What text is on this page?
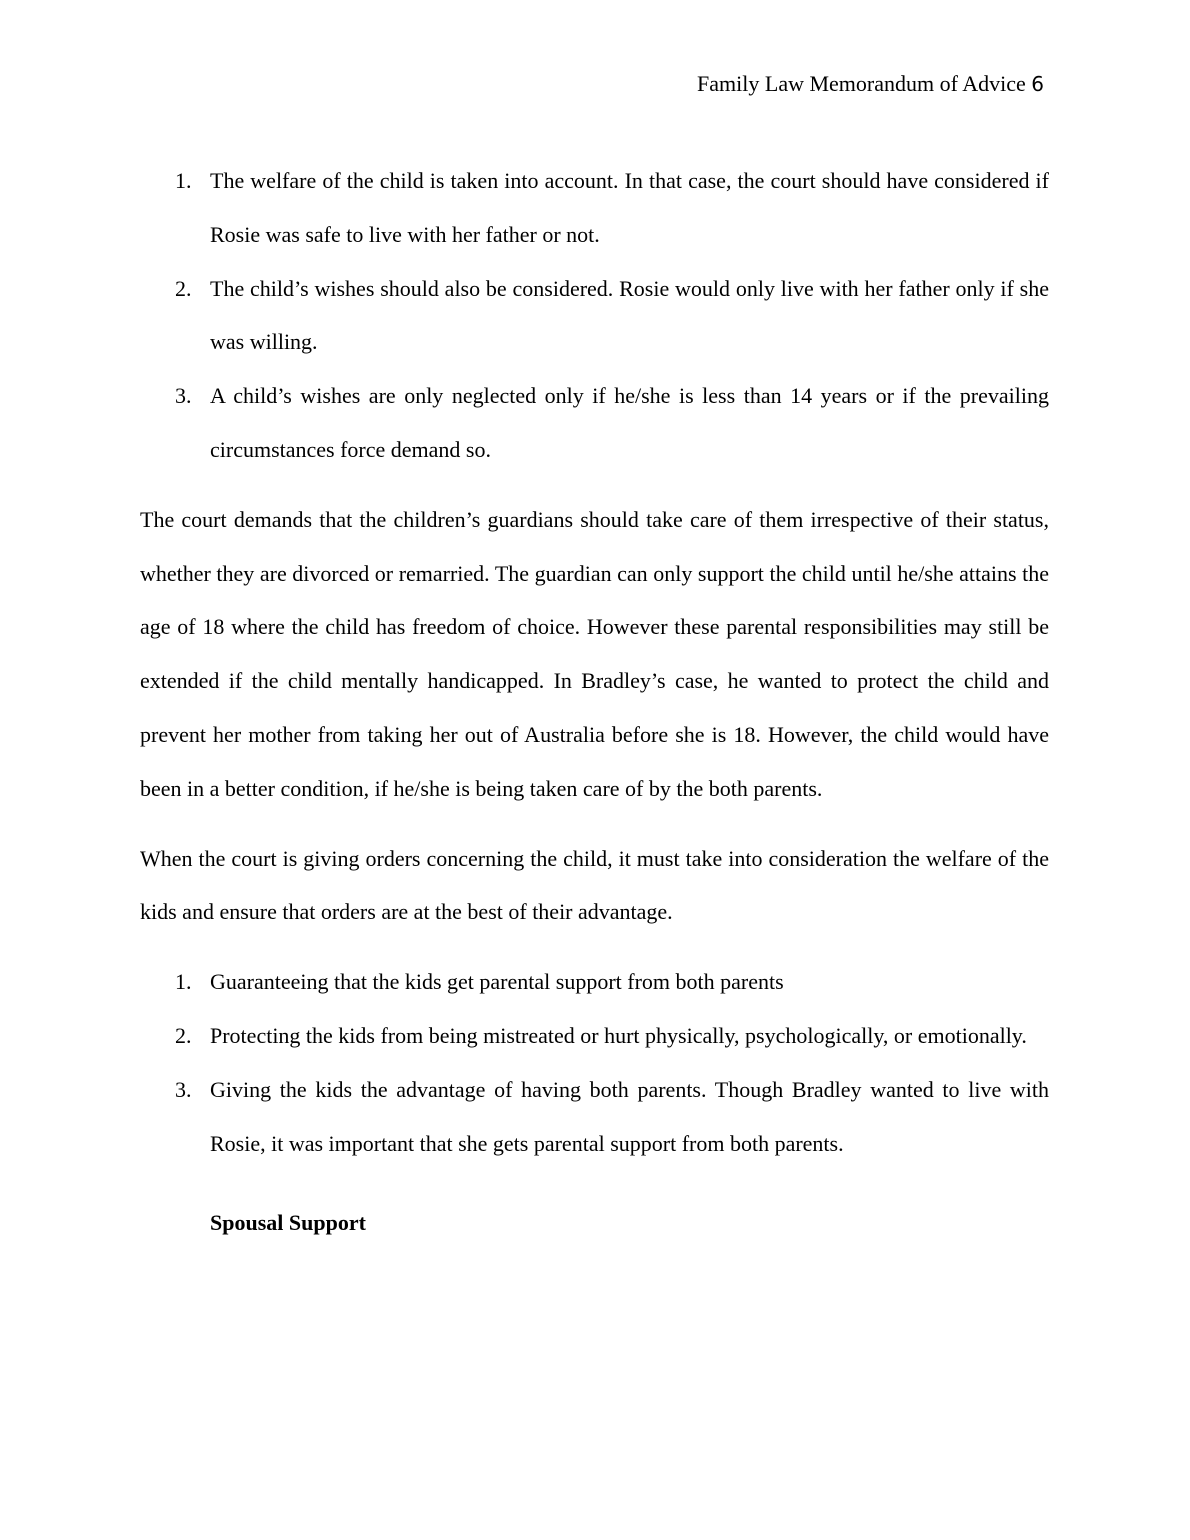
Family Law Memorandum of Advice 6
1. The welfare of the child is taken into account. In that case, the court should have considered if Rosie was safe to live with her father or not.
2. The child’s wishes should also be considered. Rosie would only live with her father only if she was willing.
3. A child’s wishes are only neglected only if he/she is less than 14 years or if the prevailing circumstances force demand so.

The court demands that the children’s guardians should take care of them irrespective of their status, whether they are divorced or remarried. The guardian can only support the child until he/she attains the age of 18 where the child has freedom of choice. However these parental responsibilities may still be extended if the child mentally handicapped. In Bradley’s case, he wanted to protect the child and prevent her mother from taking her out of Australia before she is 18. However, the child would have been in a better condition, if he/she is being taken care of by the both parents.

When the court is giving orders concerning the child, it must take into consideration the welfare of the kids and ensure that orders are at the best of their advantage.

1. Guaranteeing that the kids get parental support from both parents
2. Protecting the kids from being mistreated or hurt physically, psychologically, or emotionally.
3. Giving the kids the advantage of having both parents. Though Bradley wanted to live with Rosie, it was important that she gets parental support from both parents.

Spousal Support
